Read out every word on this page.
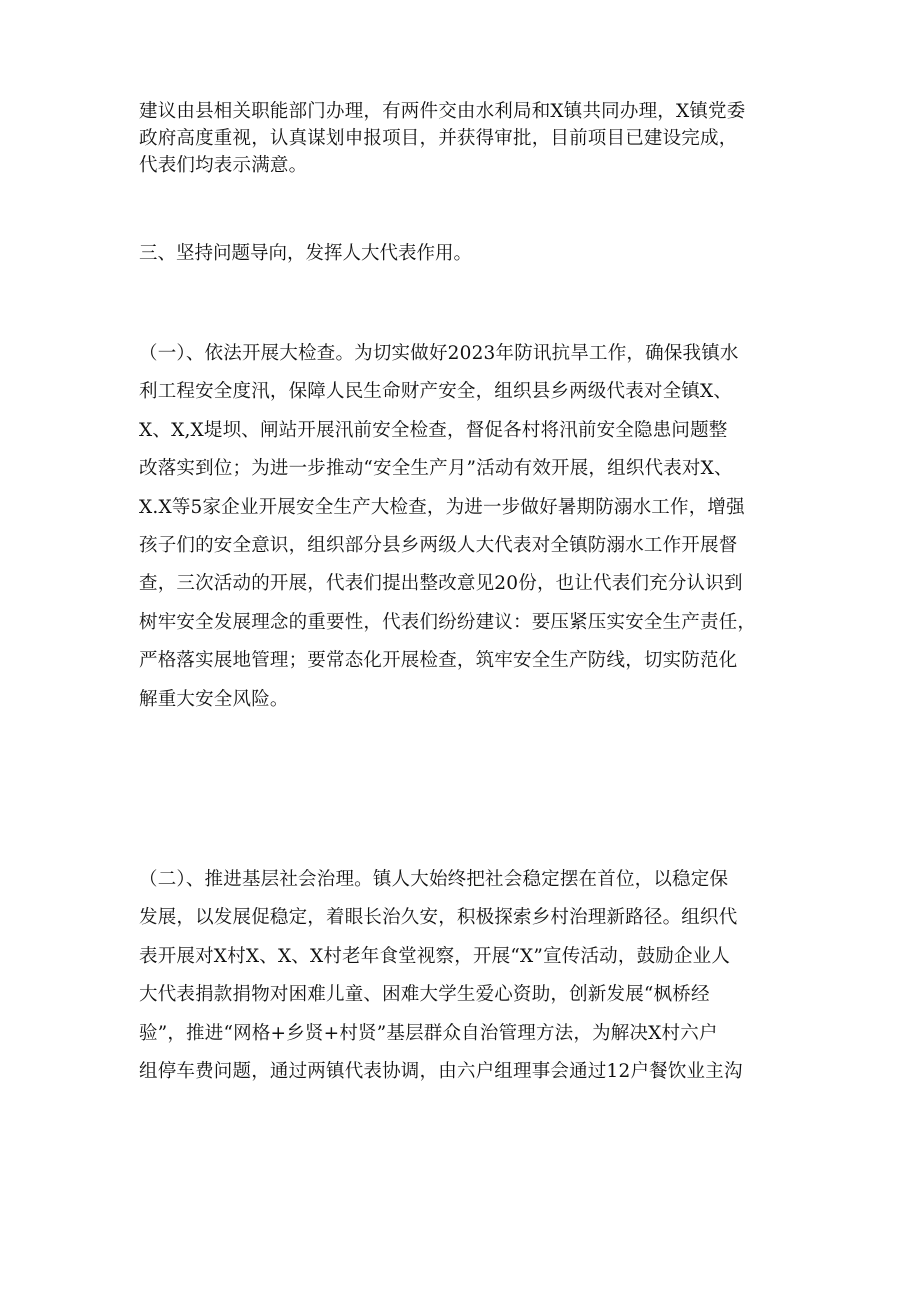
建议由县相关职能部门办理，有两件交由水利局和X镇共同办理，X镇党委
政府高度重视，认真谋划申报项目，并获得审批，目前项目已建设完成，
代表们均表示满意。
三、坚持问题导向，发挥人大代表作用。
（一）、依法开展大检查。为切实做好2023年防讯抗旱工作，确保我镇水
利工程安全度汛，保障人民生命财产安全，组织县乡两级代表对全镇X、
X、X,X堤坝、闸站开展汛前安全检查，督促各村将汛前安全隐患问题整
改落实到位；为进一步推动“安全生产月”活动有效开展，组织代表对X、
X.X等5家企业开展安全生产大检查，为进一步做好暑期防溺水工作，增强
孩子们的安全意识，组织部分县乡两级人大代表对全镇防溺水工作开展督
查，三次活动的开展，代表们提出整改意见20份，也让代表们充分认识到
树牢安全发展理念的重要性，代表们纷纷建议：要压紧压实安全生产责任，
严格落实展地管理；要常态化开展检查，筑牢安全生产防线，切实防范化
解重大安全风险。
（二）、推进基层社会治理。镇人大始终把社会稳定摆在首位，以稳定保
发展，以发展促稳定，着眼长治久安，积极探索乡村治理新路径。组织代
表开展对X村X、X、X村老年食堂视察，开展“X”宣传活动，鼓励企业人
大代表捐款捐物对困难儿童、困难大学生爱心资助，创新发展“枫桥经
验”，推进“网格+乡贤+村贤”基层群众自治管理方法，为解决X村六户
组停车费问题，通过两镇代表协调，由六户组理事会通过12户餐饮业主沟
